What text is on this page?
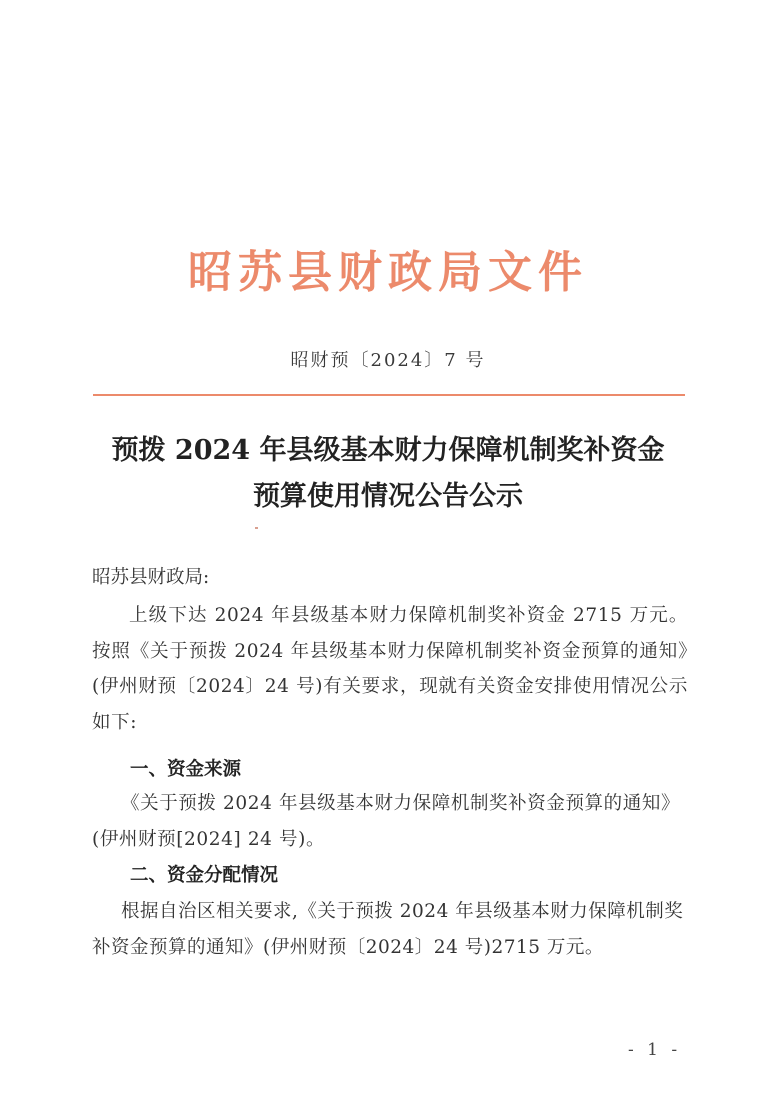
昭苏县财政局文件
昭财预〔2024〕7 号
预拨 2024 年县级基本财力保障机制奖补资金
预算使用情况公告公示
昭苏县财政局:
上级下达 2024 年县级基本财力保障机制奖补资金 2715 万元。按照《关于预拨 2024 年县级基本财力保障机制奖补资金预算的通知》(伊州财预〔2024〕24 号)有关要求，现就有关资金安排使用情况公示如下:
一、资金来源
《关于预拨 2024 年县级基本财力保障机制奖补资金预算的通知》(伊州财预[2024] 24 号)。
二、资金分配情况
根据自治区相关要求,《关于预拨 2024 年县级基本财力保障机制奖补资金预算的通知》(伊州财预〔2024〕24 号)2715 万元。
- 1 -
